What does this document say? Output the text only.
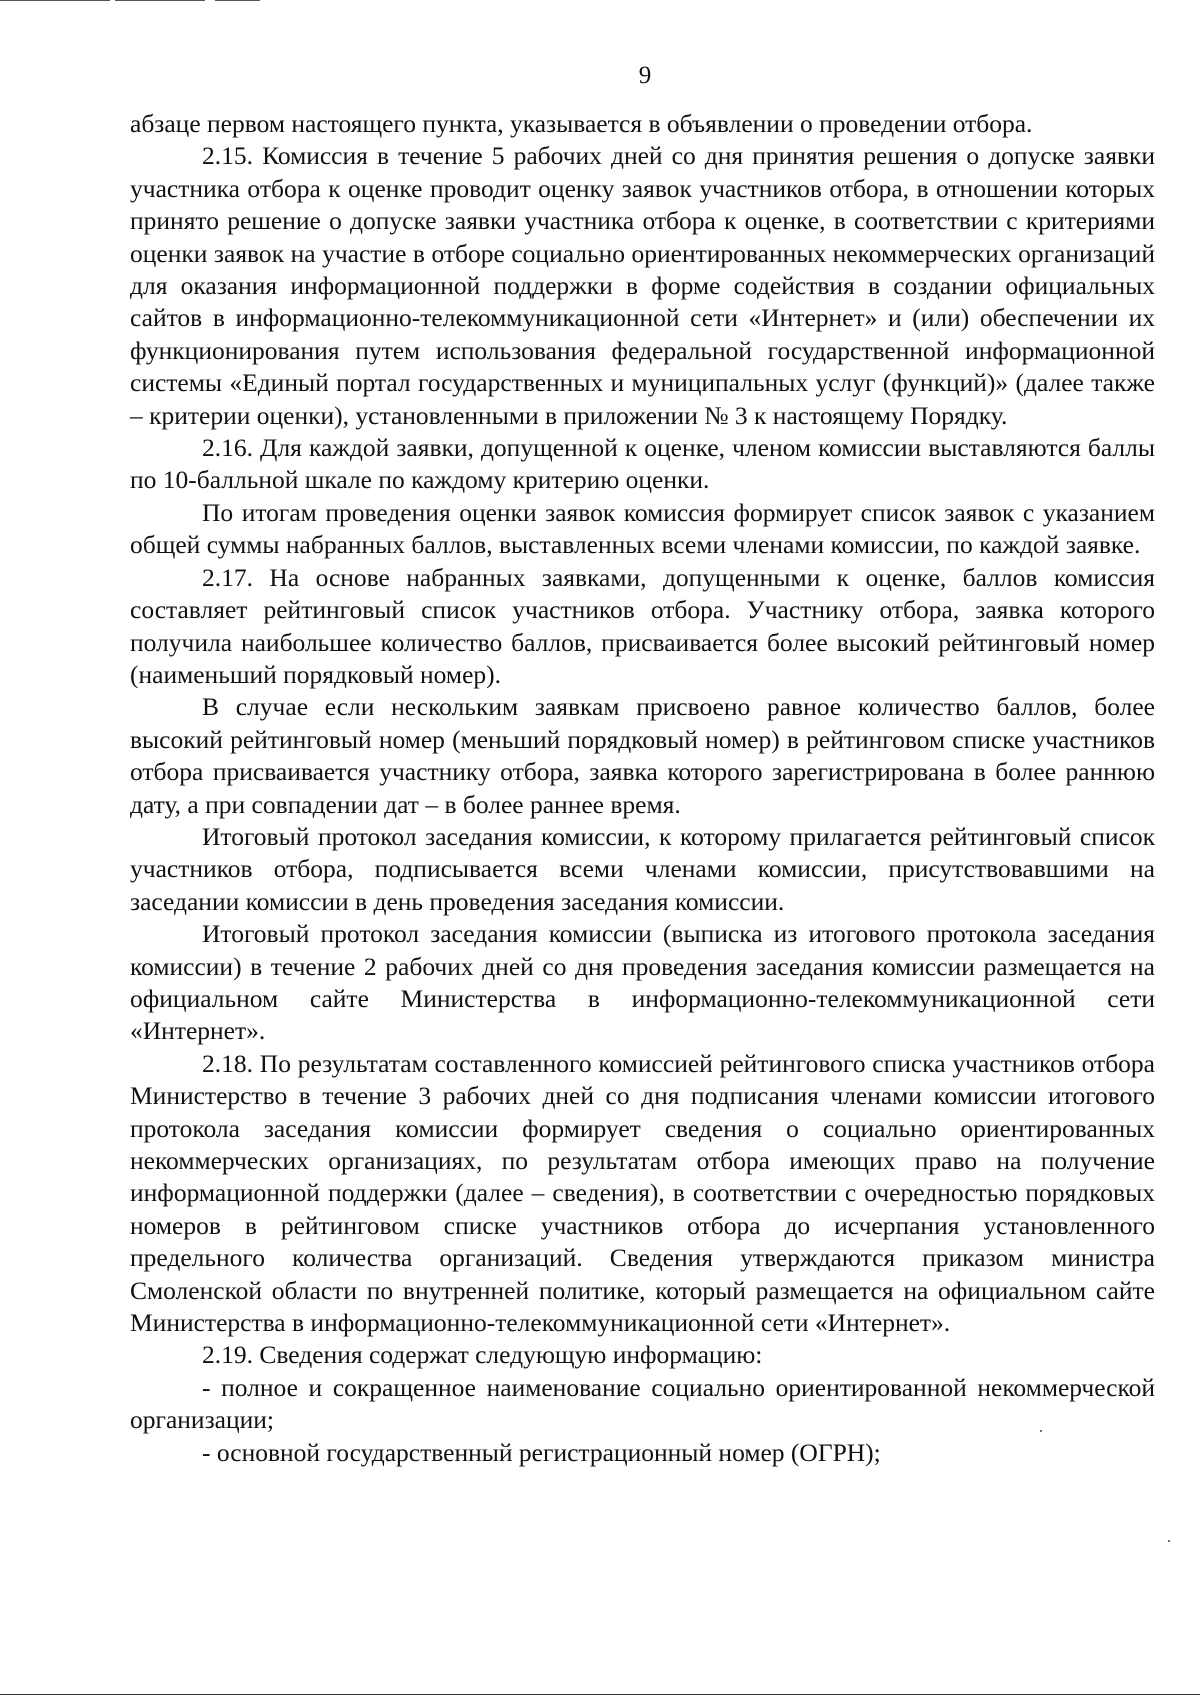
9

абзаце первом настоящего пункта, указывается в объявлении о проведении отбора.

2.15. Комиссия в течение 5 рабочих дней со дня принятия решения о допуске заявки участника отбора к оценке проводит оценку заявок участников отбора, в отношении которых принято решение о допуске заявки участника отбора к оценке, в соответствии с критериями оценки заявок на участие в отборе социально ориентированных некоммерческих организаций для оказания информационной поддержки в форме содействия в создании официальных сайтов в информационно-телекоммуникационной сети «Интернет» и (или) обеспечении их функционирования путем использования федеральной государственной информационной системы «Единый портал государственных и муниципальных услуг (функций)» (далее также – критерии оценки), установленными в приложении № 3 к настоящему Порядку.

2.16. Для каждой заявки, допущенной к оценке, членом комиссии выставляются баллы по 10-балльной шкале по каждому критерию оценки.

По итогам проведения оценки заявок комиссия формирует список заявок с указанием общей суммы набранных баллов, выставленных всеми членами комиссии, по каждой заявке.

2.17. На основе набранных заявками, допущенными к оценке, баллов комиссия составляет рейтинговый список участников отбора. Участнику отбора, заявка которого получила наибольшее количество баллов, присваивается более высокий рейтинговый номер (наименьший порядковый номер).

В случае если нескольким заявкам присвоено равное количество баллов, более высокий рейтинговый номер (меньший порядковый номер) в рейтинговом списке участников отбора присваивается участнику отбора, заявка которого зарегистрирована в более раннюю дату, а при совпадении дат – в более раннее время.

Итоговый протокол заседания комиссии, к которому прилагается рейтинговый список участников отбора, подписывается всеми членами комиссии, присутствовавшими на заседании комиссии в день проведения заседания комиссии.

Итоговый протокол заседания комиссии (выписка из итогового протокола заседания комиссии) в течение 2 рабочих дней со дня проведения заседания комиссии размещается на официальном сайте Министерства в информационно-телекоммуникационной сети «Интернет».

2.18. По результатам составленного комиссией рейтингового списка участников отбора Министерство в течение 3 рабочих дней со дня подписания членами комиссии итогового протокола заседания комиссии формирует сведения о социально ориентированных некоммерческих организациях, по результатам отбора имеющих право на получение информационной поддержки (далее – сведения), в соответствии с очередностью порядковых номеров в рейтинговом списке участников отбора до исчерпания установленного предельного количества организаций. Сведения утверждаются приказом министра Смоленской области по внутренней политике, который размещается на официальном сайте Министерства в информационно-телекоммуникационной сети «Интернет».

2.19. Сведения содержат следующую информацию:

- полное и сокращенное наименование социально ориентированной некоммерческой организации;

- основной государственный регистрационный номер (ОГРН);
